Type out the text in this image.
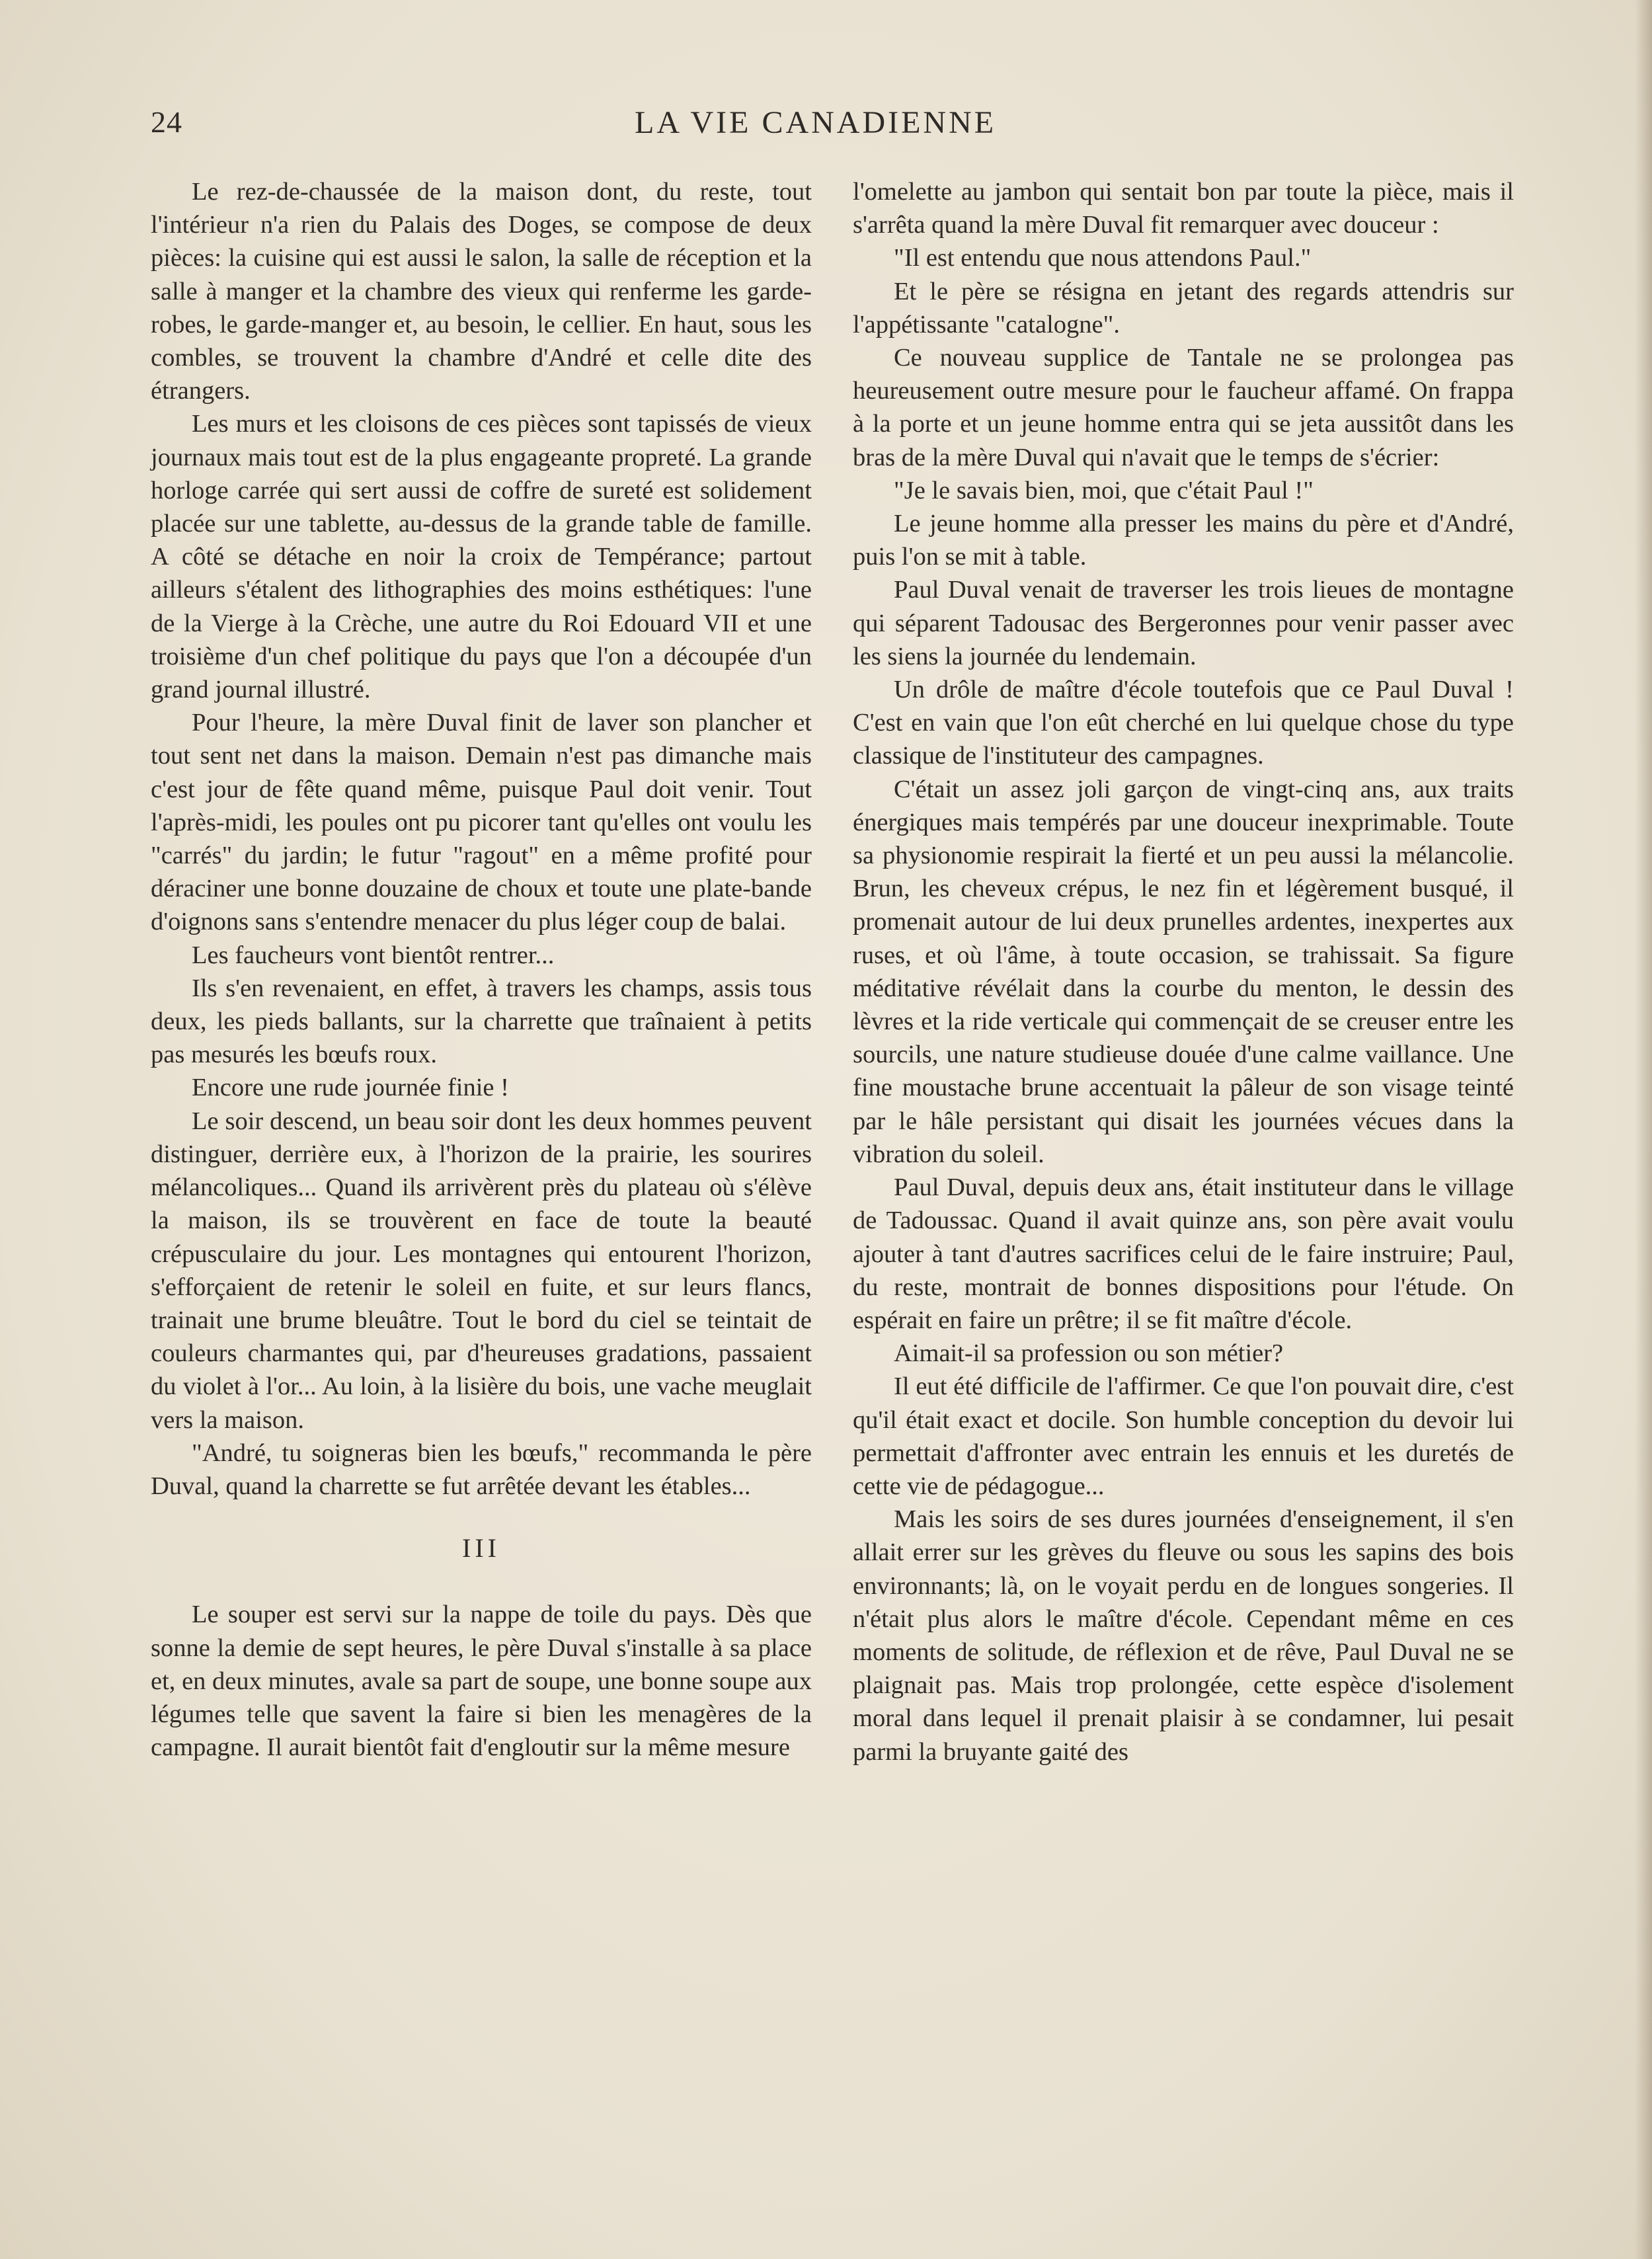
24	LA VIE CANADIENNE

Le rez-de-chaussée de la maison dont, du reste, tout l'intérieur n'a rien du Palais des Doges, se compose de deux pièces: la cuisine qui est aussi le salon, la salle de réception et la salle à manger et la chambre des vieux qui renferme les garde-robes, le garde-manger et, au besoin, le cellier. En haut, sous les combles, se trouvent la chambre d'André et celle dite des étrangers.

Les murs et les cloisons de ces pièces sont tapissés de vieux journaux mais tout est de la plus engageante propreté. La grande horloge carrée qui sert aussi de coffre de sureté est solidement placée sur une tablette, au-dessus de la grande table de famille. A côté se détache en noir la croix de Tempérance; partout ailleurs s'étalent des lithographies des moins esthétiques: l'une de la Vierge à la Crèche, une autre du Roi Edouard VII et une troisième d'un chef politique du pays que l'on a découpée d'un grand journal illustré.

Pour l'heure, la mère Duval finit de laver son plancher et tout sent net dans la maison. Demain n'est pas dimanche mais c'est jour de fête quand même, puisque Paul doit venir. Tout l'après-midi, les poules ont pu picorer tant qu'elles ont voulu les "carrés" du jardin; le futur "ragout" en a même profité pour déraciner une bonne douzaine de choux et toute une plate-bande d'oignons sans s'entendre menacer du plus léger coup de balai.

Les faucheurs vont bientôt rentrer...

Ils s'en revenaient, en effet, à travers les champs, assis tous deux, les pieds ballants, sur la charrette que traînaient à petits pas mesurés les bœufs roux.

Encore une rude journée finie !

Le soir descend, un beau soir dont les deux hommes peuvent distinguer, derrière eux, à l'horizon de la prairie, les sourires mélancoliques... Quand ils arrivèrent près du plateau où s'élève la maison, ils se trouvèrent en face de toute la beauté crépusculaire du jour. Les montagnes qui entourent l'horizon, s'efforçaient de retenir le soleil en fuite, et sur leurs flancs, trainait une brume bleuâtre. Tout le bord du ciel se teintait de couleurs charmantes qui, par d'heureuses gradations, passaient du violet à l'or... Au loin, à la lisière du bois, une vache meuglait vers la maison.

"André, tu soigneras bien les bœufs," recommanda le père Duval, quand la charrette se fut arrêtée devant les étables...

III

Le souper est servi sur la nappe de toile du pays. Dès que sonne la demie de sept heures, le père Duval s'installe à sa place et, en deux minutes, avale sa part de soupe, une bonne soupe aux légumes telle que savent la faire si bien les menagères de la campagne. Il aurait bientôt fait d'engloutir sur la même mesure

l'omelette au jambon qui sentait bon par toute la pièce, mais il s'arrêta quand la mère Duval fit remarquer avec douceur :

"Il est entendu que nous attendons Paul."

Et le père se résigna en jetant des regards attendris sur l'appétissante "catalogne".

Ce nouveau supplice de Tantale ne se prolongea pas heureusement outre mesure pour le faucheur affamé. On frappa à la porte et un jeune homme entra qui se jeta aussitôt dans les bras de la mère Duval qui n'avait que le temps de s'écrier:

"Je le savais bien, moi, que c'était Paul !"

Le jeune homme alla presser les mains du père et d'André, puis l'on se mit à table.

Paul Duval venait de traverser les trois lieues de montagne qui séparent Tadousac des Bergeronnes pour venir passer avec les siens la journée du lendemain.

Un drôle de maître d'école toutefois que ce Paul Duval ! C'est en vain que l'on eût cherché en lui quelque chose du type classique de l'instituteur des campagnes.

C'était un assez joli garçon de vingt-cinq ans, aux traits énergiques mais tempérés par une douceur inexprimable. Toute sa physionomie respirait la fierté et un peu aussi la mélancolie. Brun, les cheveux crépus, le nez fin et légèrement busqué, il promenait autour de lui deux prunelles ardentes, inexpertes aux ruses, et où l'âme, à toute occasion, se trahissait. Sa figure méditative révélait dans la courbe du menton, le dessin des lèvres et la ride verticale qui commençait de se creuser entre les sourcils, une nature studieuse douée d'une calme vaillance. Une fine moustache brune accentuait la pâleur de son visage teinté par le hâle persistant qui disait les journées vécues dans la vibration du soleil.

Paul Duval, depuis deux ans, était instituteur dans le village de Tadoussac. Quand il avait quinze ans, son père avait voulu ajouter à tant d'autres sacrifices celui de le faire instruire; Paul, du reste, montrait de bonnes dispositions pour l'étude. On espérait en faire un prêtre; il se fit maître d'école.

Aimait-il sa profession ou son métier?

Il eut été difficile de l'affirmer. Ce que l'on pouvait dire, c'est qu'il était exact et docile. Son humble conception du devoir lui permettait d'affronter avec entrain les ennuis et les duretés de cette vie de pédagogue...

Mais les soirs de ses dures journées d'enseignement, il s'en allait errer sur les grèves du fleuve ou sous les sapins des bois environnants; là, on le voyait perdu en de longues songeries. Il n'était plus alors le maître d'école. Cependant même en ces moments de solitude, de réflexion et de rêve, Paul Duval ne se plaignait pas. Mais trop prolongée, cette espèce d'isolement moral dans lequel il prenait plaisir à se condamner, lui pesait parmi la bruyante gaité des
